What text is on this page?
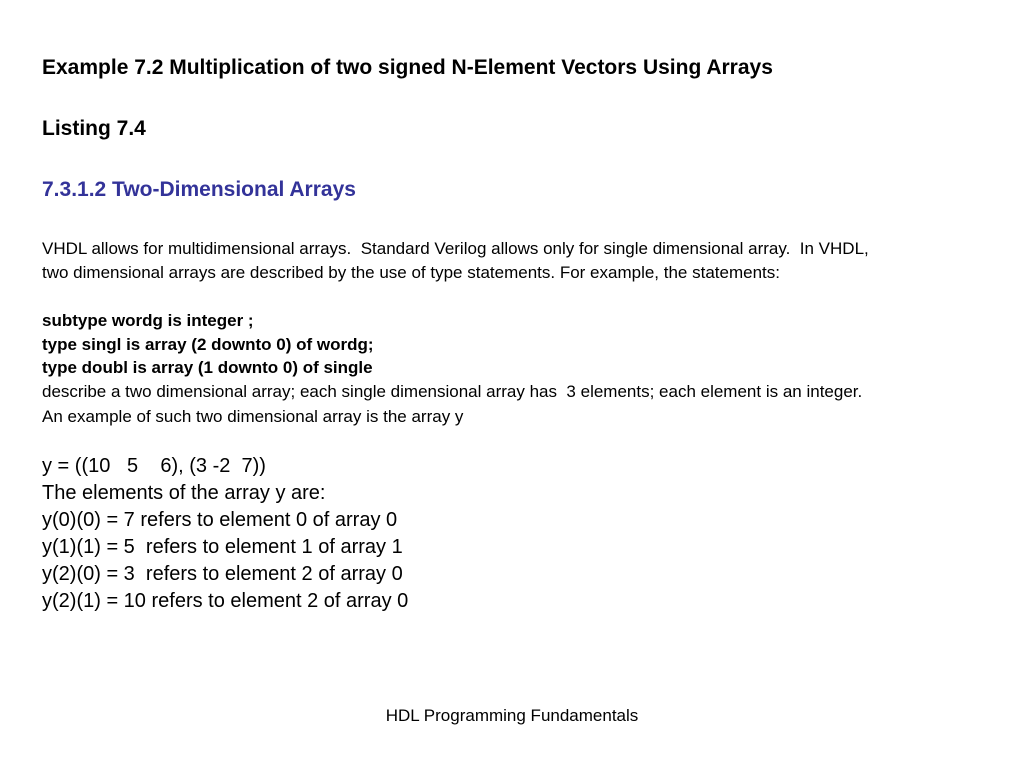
Example 7.2 Multiplication of two signed N-Element Vectors Using Arrays

Listing 7.4

7.3.1.2 Two-Dimensional Arrays

VHDL allows for multidimensional arrays.  Standard Verilog allows only for single dimensional array.  In VHDL,

two dimensional arrays are described by the use of type statements. For example, the statements:

subtype wordg is integer ;

type singl is array (2 downto 0) of wordg;

type doubl is array (1 downto 0) of single

describe a two dimensional array; each single dimensional array has  3 elements; each element is an integer.

An example of such two dimensional array is the array y

y = ((10   5    6), (3 -2  7))

The elements of the array y are:

y(0)(0) = 7 refers to element 0 of array 0

y(1)(1) = 5  refers to element 1 of array 1

y(2)(0) = 3  refers to element 2 of array 0

y(2)(1) = 10 refers to element 2 of array 0

HDL Programming Fundamentals
